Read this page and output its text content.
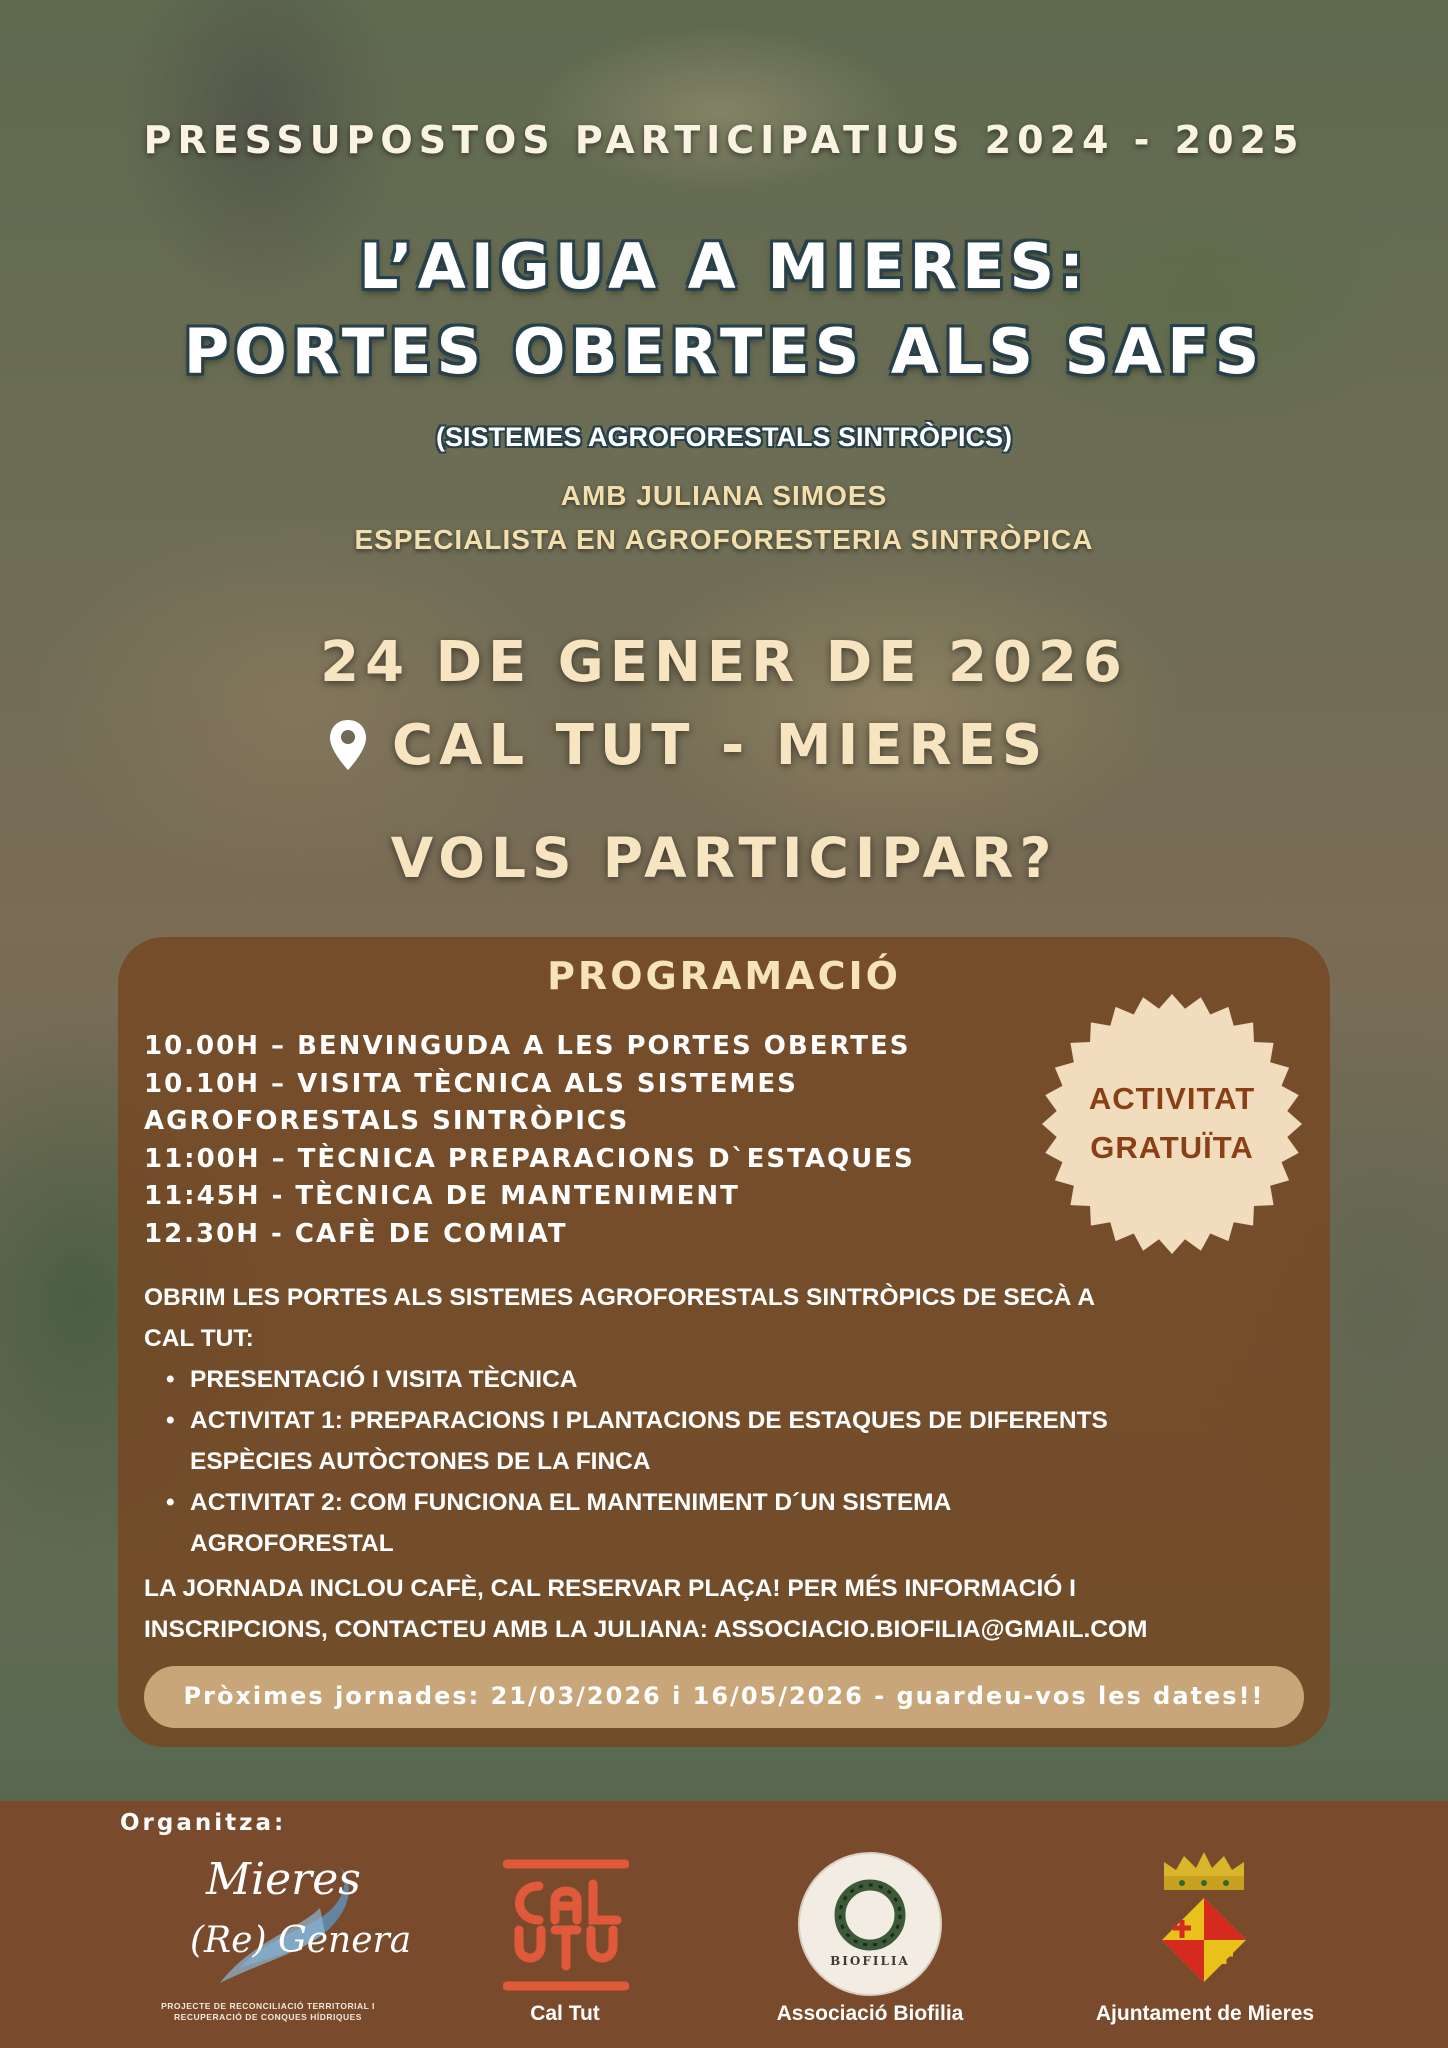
PRESSUPOSTOS PARTICIPATIUS 2024 - 2025
L’AIGUA A MIERES:
PORTES OBERTES ALS SAFS
(SISTEMES AGROFORESTALS SINTRÒPICS)
AMB JULIANA SIMOES
ESPECIALISTA EN AGROFORESTERIA SINTRÒPICA
24 DE GENER DE 2026
CAL TUT - MIERES
VOLS PARTICIPAR?
PROGRAMACIÓ
10.00H – BENVINGUDA A LES PORTES OBERTES
10.10H – VISITA TÈCNICA ALS SISTEMES
AGROFORESTALS SINTRÒPICS
11:00H – TÈCNICA PREPARACIONS D`ESTAQUES
11:45H - TÈCNICA DE MANTENIMENT
12.30H - CAFÈ DE COMIAT
ACTIVITAT
GRATUÏTA
OBRIM LES PORTES ALS SISTEMES AGROFORESTALS SINTRÒPICS DE SECÀ A
CAL TUT:
• PRESENTACIÓ I VISITA TÈCNICA
• ACTIVITAT 1: PREPARACIONS I PLANTACIONS DE ESTAQUES DE DIFERENTS
ESPÈCIES AUTÒCTONES DE LA FINCA
• ACTIVITAT 2: COM FUNCIONA EL MANTENIMENT D´UN SISTEMA
AGROFORESTAL
LA JORNADA INCLOU CAFÈ, CAL RESERVAR PLAÇA! PER MÉS INFORMACIÓ I
INSCRIPCIONS, CONTACTEU AMB LA JULIANA: ASSOCIACIO.BIOFILIA@GMAIL.COM
Pròximes jornades: 21/03/2026 i 16/05/2026 - guardeu-vos les dates!!
Organitza:
Mieres
(Re) Genera
PROJECTE DE RECONCILIACIÓ TERRITORIAL I
RECUPERACIÓ DE CONQUES HÍDRIQUES	Cal Tut
BIOFILIA
Associació Biofilia	Ajuntament de Mieres
